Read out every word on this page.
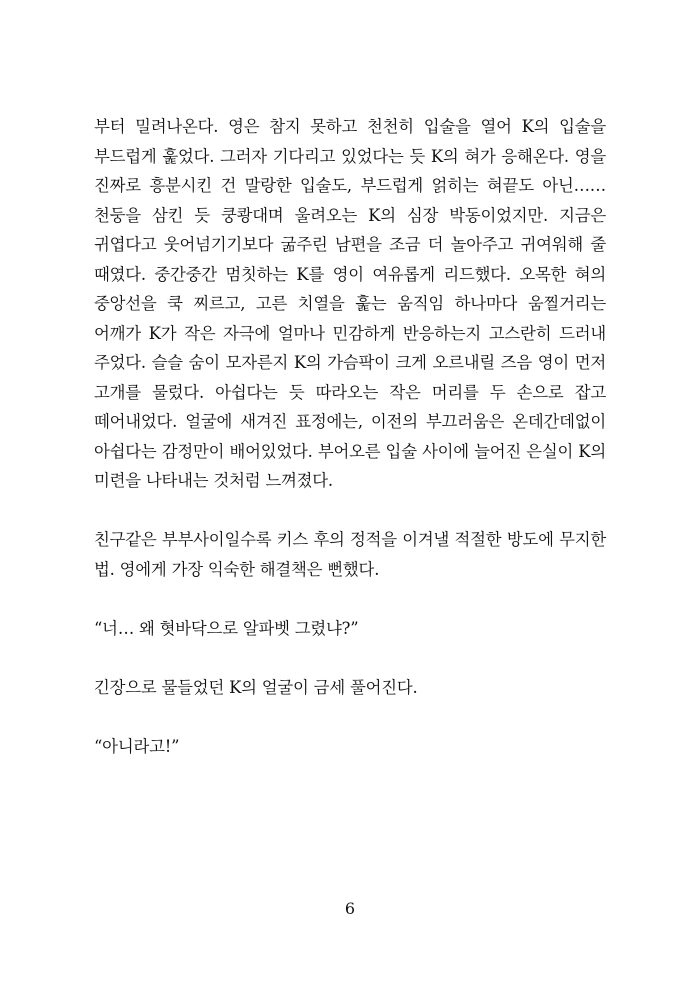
부터 밀려나온다. 영은 참지 못하고 천천히 입술을 열어 K의 입술을 부드럽게 훑었다. 그러자 기다리고 있었다는 듯 K의 혀가 응해온다. 영을 진짜로 흥분시킨 건 말랑한 입술도, 부드럽게 얽히는 혀끝도 아닌…… 천둥을 삼킨 듯 쿵쾅대며 울려오는 K의 심장 박동이었지만. 지금은 귀엽다고 웃어넘기기보다 굶주린 남편을 조금 더 놀아주고 귀여워해 줄 때였다. 중간중간 멈칫하는 K를 영이 여유롭게 리드했다. 오목한 혀의 중앙선을 쿡 찌르고, 고른 치열을 훑는 움직임 하나마다 움찔거리는 어깨가 K가 작은 자극에 얼마나 민감하게 반응하는지 고스란히 드러내 주었다. 슬슬 숨이 모자른지 K의 가슴팍이 크게 오르내릴 즈음 영이 먼저 고개를 물렀다. 아쉽다는 듯 따라오는 작은 머리를 두 손으로 잡고 떼어내었다. 얼굴에 새겨진 표정에는, 이전의 부끄러움은 온데간데없이 아쉽다는 감정만이 배어있었다. 부어오른 입술 사이에 늘어진 은실이 K의 미련을 나타내는 것처럼 느껴졌다.

친구같은 부부사이일수록 키스 후의 정적을 이겨낼 적절한 방도에 무지한 법. 영에게 가장 익숙한 해결책은 뻔했다.

“너… 왜 혓바닥으로 알파벳 그렸냐?”

긴장으로 물들었던 K의 얼굴이 금세 풀어진다.

“아니라고!”

6
